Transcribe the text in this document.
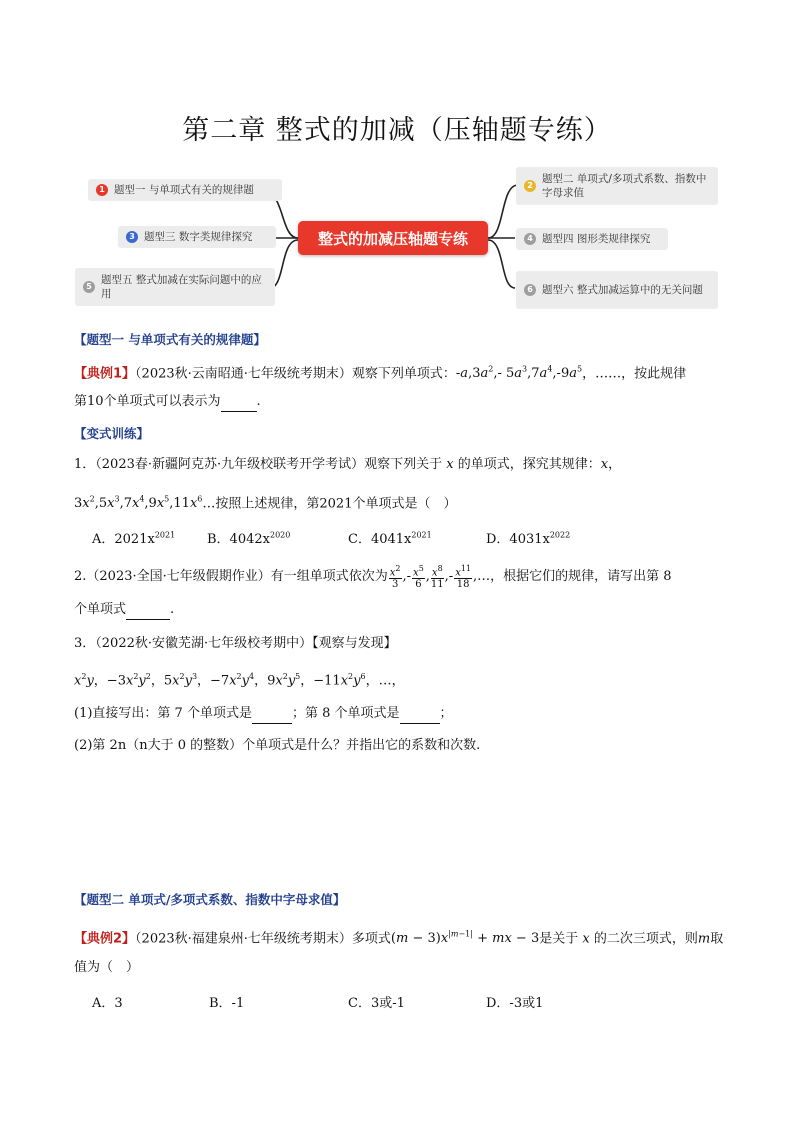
第二章 整式的加减（压轴题专练）
1 题型一 与单项式有关的规律题
3 题型三 数字类规律探究
5
题型五 整式加减在实际问题中的应用
整式的加减压轴题专练
2
题型二 单项式/多项式系数、指数中字母求值
4 题型四 图形类规律探究
6 题型六 整式加减运算中的无关问题
【题型一 与单项式有关的规律题】
【典例1】（2023秋·云南昭通·七年级统考期末）观察下列单项式：$-a,3a^2,-$ $5a^3,7a^4,-9a^5$，……，按此规律
第10个单项式可以表示为	.
【变式训练】
1．（2023春·新疆阿克苏·九年级校联考开学考试）观察下列关于 x 的单项式，探究其规律：x，
$3x^2,5x^3,7x^4,9x^5,11x^6\dots$按照上述规律，第2021个单项式是（　）
A．$2021x^{2021}$ B．$4042x^{2020}$	C．$4041x^{2021}$	D．$4031x^{2022}$
2.（2023·全国·七年级假期作业）有一组单项式依次为 $\frac{x^2}{3}$ ,- $\frac{x^5}{6}$ , $\frac{x^8}{11}$ ,- $\frac{x^{11}}{18}$ ,…，根据它们的规律，请写出第 8
个单项式	.
3．（2022秋·安徽芜湖·七年级校考期中）【观察与发现】
$x^2y$，$-3x^2y^2$，$5x^2y^3$，$-7x^2y^4$，$9x^2y^5$，$-11x^2y^6$，…，
(1)直接写出：第 7 个单项式是	；第 8 个单项式是	；
(2)第 2n（n大于 0 的整数）个单项式是什么？并指出它的系数和次数.
【题型二 单项式/多项式系数、指数中字母求值】
【典例2】（2023秋·福建泉州·七年级统考期末）多项式$(m - 3)x^{|m-1|}$ + mx − 3是关于 x 的二次三项式，则m取
值为（　）
A．3	B．-1	C．3或-1	D．-3或1
